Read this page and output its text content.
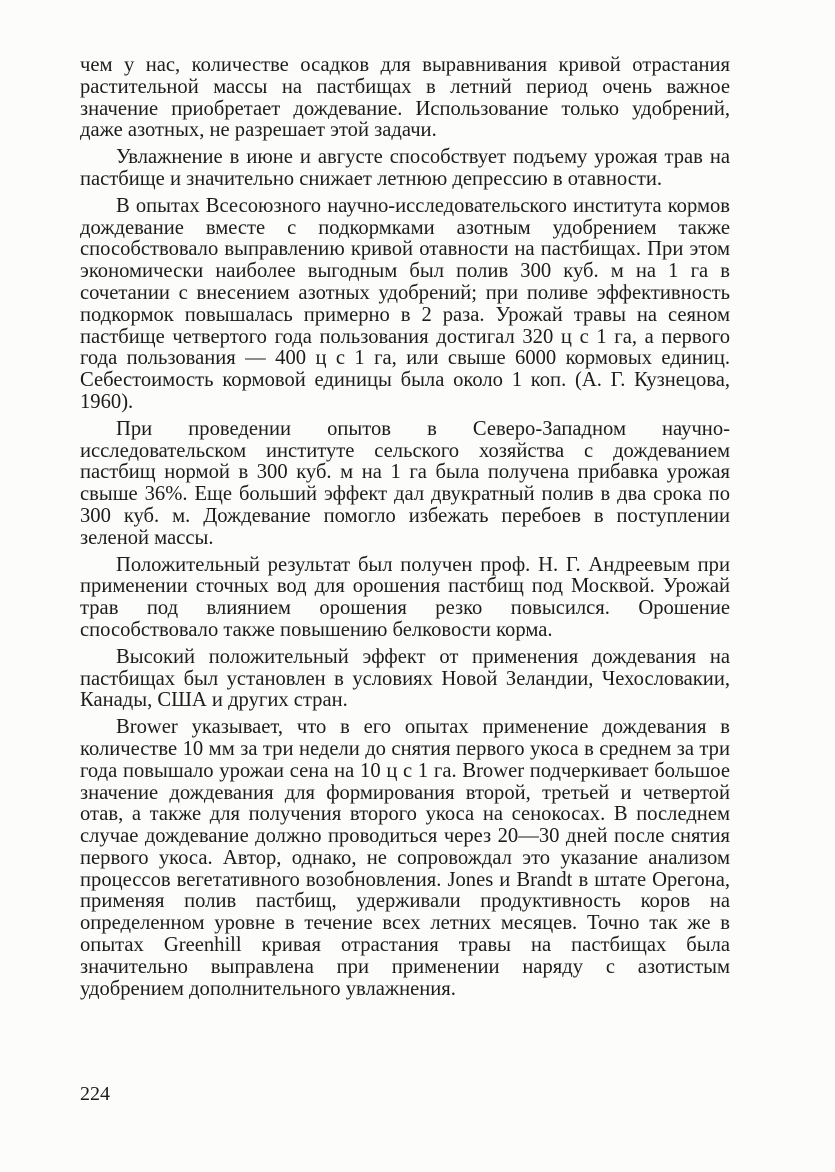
чем у нас, количестве осадков для выравнивания кривой отрастания растительной массы на пастбищах в летний период очень важное значение приобретает дождевание. Использование только удобрений, даже азотных, не разрешает этой задачи.

Увлажнение в июне и августе способствует подъему урожая трав на пастбище и значительно снижает летнюю депрессию в отавности.

В опытах Всесоюзного научно-исследовательского института кормов дождевание вместе с подкормками азотным удобрением также способствовало выправлению кривой отавности на пастбищах. При этом экономически наиболее выгодным был полив 300 куб. м на 1 га в сочетании с внесением азотных удобрений; при поливе эффективность подкормок повышалась примерно в 2 раза. Урожай травы на сеяном пастбище четвертого года пользования достигал 320 ц с 1 га, а первого года пользования — 400 ц с 1 га, или свыше 6000 кормовых единиц. Себестоимость кормовой единицы была около 1 коп. (А. Г. Кузнецова, 1960).

При проведении опытов в Северо-Западном научно-исследовательском институте сельского хозяйства с дождеванием пастбищ нормой в 300 куб. м на 1 га была получена прибавка урожая свыше 36%. Еще больший эффект дал двукратный полив в два срока по 300 куб. м. Дождевание помогло избежать перебоев в поступлении зеленой массы.

Положительный результат был получен проф. Н. Г. Андреевым при применении сточных вод для орошения пастбищ под Москвой. Урожай трав под влиянием орошения резко повысился. Орошение способствовало также повышению белковости корма.

Высокий положительный эффект от применения дождевания на пастбищах был установлен в условиях Новой Зеландии, Чехословакии, Канады, США и других стран.

Brower указывает, что в его опытах применение дождевания в количестве 10 мм за три недели до снятия первого укоса в среднем за три года повышало урожаи сена на 10 ц с 1 га. Brower подчеркивает большое значение дождевания для формирования второй, третьей и четвертой отав, а также для получения второго укоса на сенокосах. В последнем случае дождевание должно проводиться через 20—30 дней после снятия первого укоса. Автор, однако, не сопровождал это указание анализом процессов вегетативного возобновления. Jones и Brandt в штате Орегона, применяя полив пастбищ, удерживали продуктивность коров на определенном уровне в течение всех летних месяцев. Точно так же в опытах Greenhill кривая отрастания травы на пастбищах была значительно выправлена при применении наряду с азотистым удобрением дополнительного увлажнения.

224
